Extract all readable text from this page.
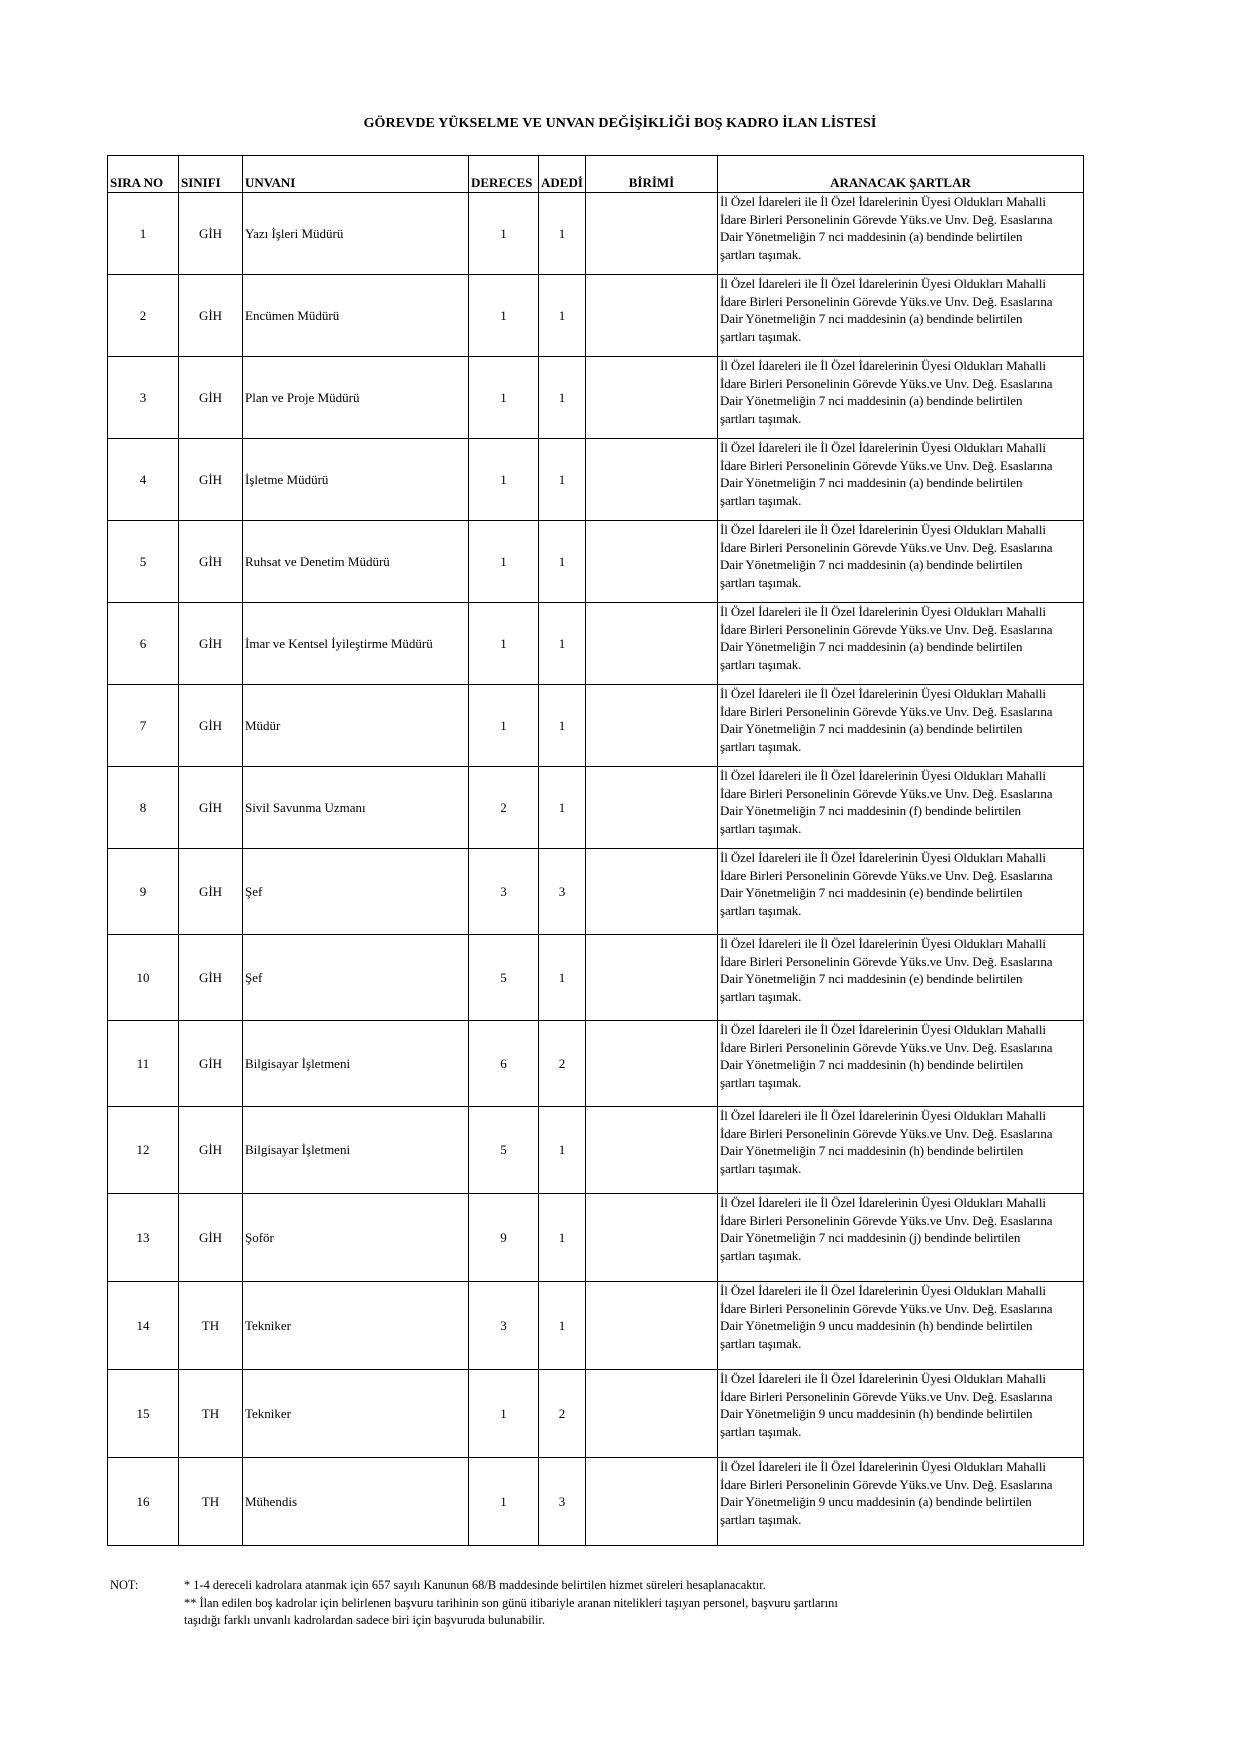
GÖREVDE YÜKSELME VE UNVAN DEĞİŞİKLİĞİ BOŞ KADRO İLAN LİSTESİ
SIRA NO	SINIFI	UNVANI	DERECES	ADEDİ	BİRİMİ	ARANACAK ŞARTLAR
1	GİH	Yazı İşleri Müdürü	1	1		İl Özel İdareleri ile İl Özel İdarelerinin Üyesi Oldukları Mahalli
İdare Birleri Personelinin Görevde Yüks.ve Unv. Değ. Esaslarına
Dair Yönetmeliğin 7 nci maddesinin (a) bendinde belirtilen
şartları taşımak.

2	GİH	Encümen Müdürü	1	1		İl Özel İdareleri ile İl Özel İdarelerinin Üyesi Oldukları Mahalli
İdare Birleri Personelinin Görevde Yüks.ve Unv. Değ. Esaslarına
Dair Yönetmeliğin 7 nci maddesinin (a) bendinde belirtilen
şartları taşımak.

3	GİH	Plan ve Proje Müdürü	1	1		İl Özel İdareleri ile İl Özel İdarelerinin Üyesi Oldukları Mahalli
İdare Birleri Personelinin Görevde Yüks.ve Unv. Değ. Esaslarına
Dair Yönetmeliğin 7 nci maddesinin (a) bendinde belirtilen
şartları taşımak.

4	GİH	İşletme Müdürü	1	1		İl Özel İdareleri ile İl Özel İdarelerinin Üyesi Oldukları Mahalli
İdare Birleri Personelinin Görevde Yüks.ve Unv. Değ. Esaslarına
Dair Yönetmeliğin 7 nci maddesinin (a) bendinde belirtilen
şartları taşımak.

5	GİH	Ruhsat ve Denetim Müdürü	1	1		İl Özel İdareleri ile İl Özel İdarelerinin Üyesi Oldukları Mahalli
İdare Birleri Personelinin Görevde Yüks.ve Unv. Değ. Esaslarına
Dair Yönetmeliğin 7 nci maddesinin (a) bendinde belirtilen
şartları taşımak.

6	GİH	İmar ve Kentsel İyileştirme Müdürü	1	1		İl Özel İdareleri ile İl Özel İdarelerinin Üyesi Oldukları Mahalli
İdare Birleri Personelinin Görevde Yüks.ve Unv. Değ. Esaslarına
Dair Yönetmeliğin 7 nci maddesinin (a) bendinde belirtilen
şartları taşımak.

7	GİH	Müdür	1	1		İl Özel İdareleri ile İl Özel İdarelerinin Üyesi Oldukları Mahalli
İdare Birleri Personelinin Görevde Yüks.ve Unv. Değ. Esaslarına
Dair Yönetmeliğin 7 nci maddesinin (a) bendinde belirtilen
şartları taşımak.

8	GİH	Sivil Savunma Uzmanı	2	1		İl Özel İdareleri ile İl Özel İdarelerinin Üyesi Oldukları Mahalli
İdare Birleri Personelinin Görevde Yüks.ve Unv. Değ. Esaslarına
Dair Yönetmeliğin 7 nci maddesinin (f) bendinde belirtilen
şartları taşımak.

9	GİH	Şef	3	3		İl Özel İdareleri ile İl Özel İdarelerinin Üyesi Oldukları Mahalli
İdare Birleri Personelinin Görevde Yüks.ve Unv. Değ. Esaslarına
Dair Yönetmeliğin 7 nci maddesinin (e) bendinde belirtilen
şartları taşımak.

10	GİH	Şef	5	1		İl Özel İdareleri ile İl Özel İdarelerinin Üyesi Oldukları Mahalli
İdare Birleri Personelinin Görevde Yüks.ve Unv. Değ. Esaslarına
Dair Yönetmeliğin 7 nci maddesinin (e) bendinde belirtilen
şartları taşımak.

11	GİH	Bilgisayar İşletmeni	6	2		İl Özel İdareleri ile İl Özel İdarelerinin Üyesi Oldukları Mahalli
İdare Birleri Personelinin Görevde Yüks.ve Unv. Değ. Esaslarına
Dair Yönetmeliğin 7 nci maddesinin (h) bendinde belirtilen
şartları taşımak.

12	GİH	Bilgisayar İşletmeni	5	1		İl Özel İdareleri ile İl Özel İdarelerinin Üyesi Oldukları Mahalli
İdare Birleri Personelinin Görevde Yüks.ve Unv. Değ. Esaslarına
Dair Yönetmeliğin 7 nci maddesinin (h) bendinde belirtilen
şartları taşımak.

13	GİH	Şoför	9	1		İl Özel İdareleri ile İl Özel İdarelerinin Üyesi Oldukları Mahalli
İdare Birleri Personelinin Görevde Yüks.ve Unv. Değ. Esaslarına
Dair Yönetmeliğin 7 nci maddesinin (j) bendinde belirtilen
şartları taşımak.

14	TH	Tekniker	3	1		İl Özel İdareleri ile İl Özel İdarelerinin Üyesi Oldukları Mahalli
İdare Birleri Personelinin Görevde Yüks.ve Unv. Değ. Esaslarına
Dair Yönetmeliğin 9 uncu maddesinin (h) bendinde belirtilen
şartları taşımak.

15	TH	Tekniker	1	2		İl Özel İdareleri ile İl Özel İdarelerinin Üyesi Oldukları Mahalli
İdare Birleri Personelinin Görevde Yüks.ve Unv. Değ. Esaslarına
Dair Yönetmeliğin 9 uncu maddesinin (h) bendinde belirtilen
şartları taşımak.

16	TH	Mühendis	1	3		İl Özel İdareleri ile İl Özel İdarelerinin Üyesi Oldukları Mahalli
İdare Birleri Personelinin Görevde Yüks.ve Unv. Değ. Esaslarına
Dair Yönetmeliğin 9 uncu maddesinin (a) bendinde belirtilen
şartları taşımak.
NOT:	* 1-4 dereceli kadrolara atanmak için 657 sayılı Kanunun 68/B maddesinde belirtilen hizmet süreleri hesaplanacaktır.
** İlan edilen boş kadrolar için belirlenen başvuru tarihinin son günü itibariyle aranan nitelikleri taşıyan personel, başvuru şartlarını
taşıdığı farklı unvanlı kadrolardan sadece biri için başvuruda bulunabilir.
